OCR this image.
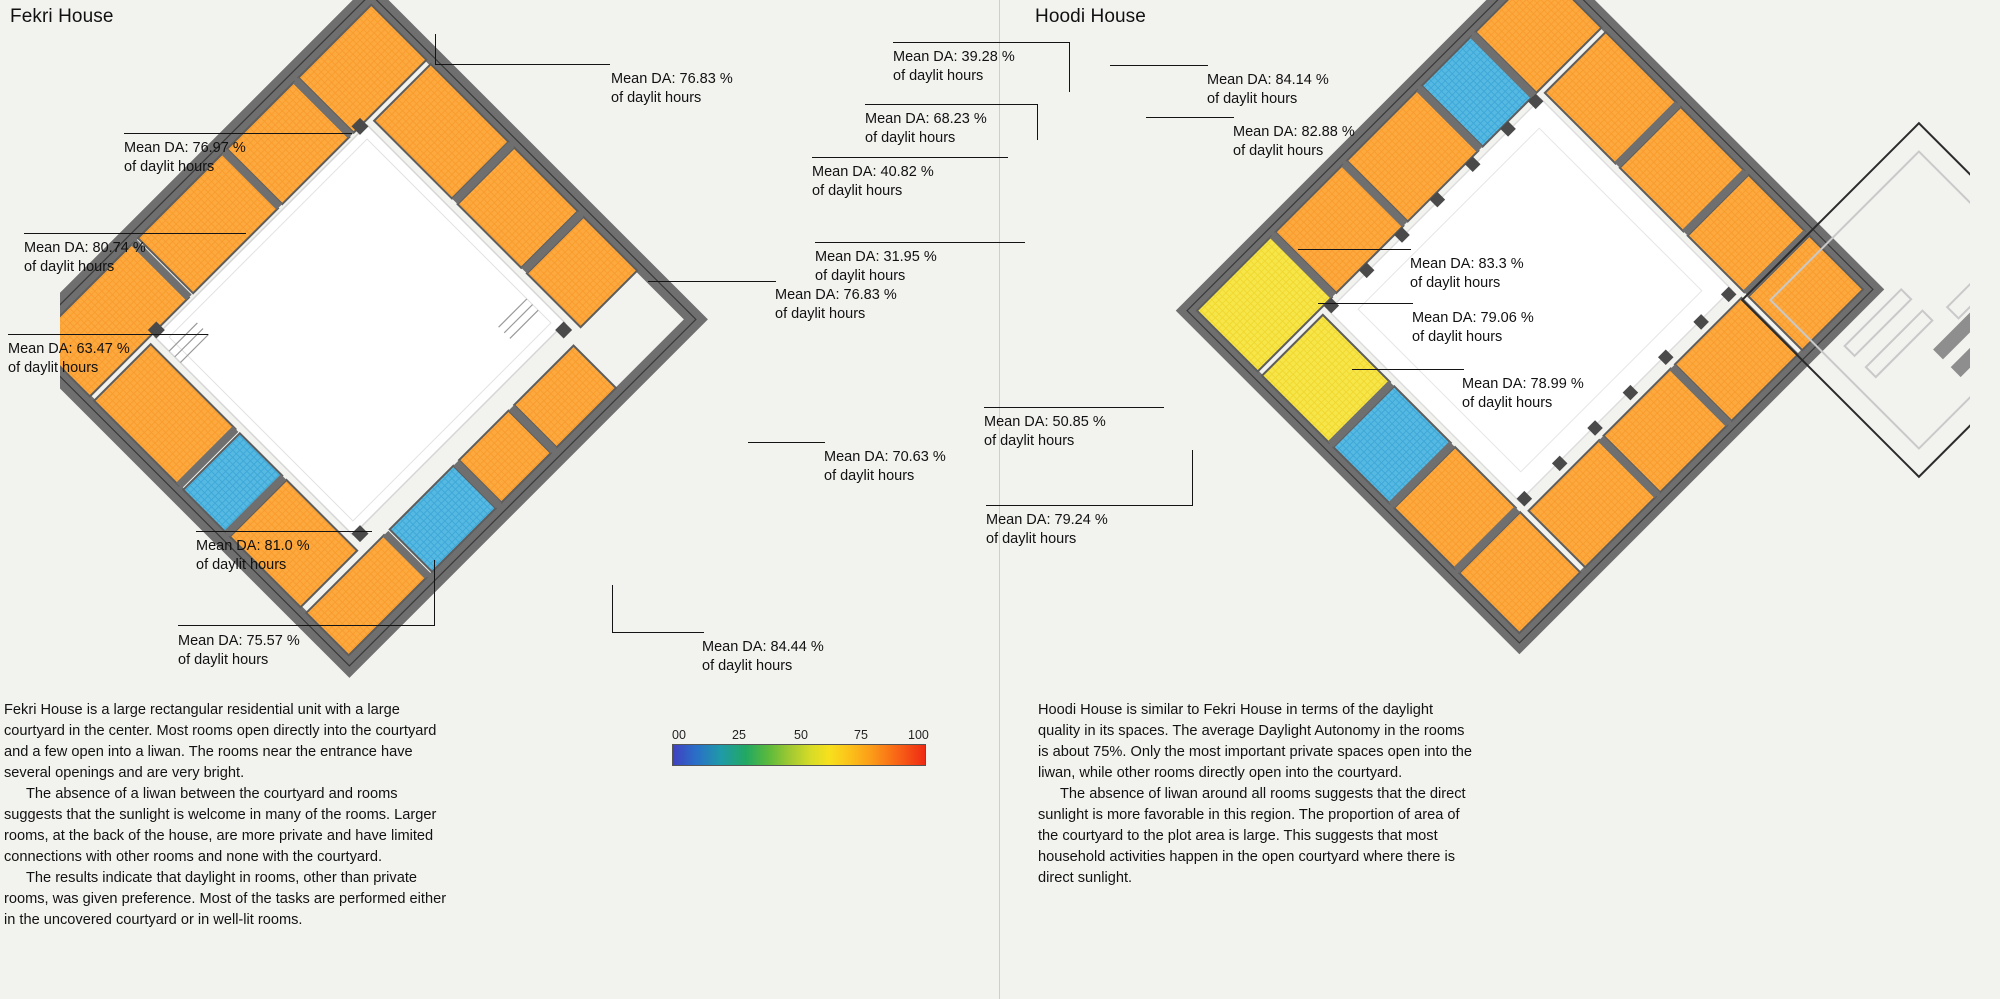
Fekri House
Mean DA: 76.83 %
of daylit hours
Mean DA: 76.97 %
of daylit hours
Mean DA: 80.74 %
of daylit hours
Mean DA: 63.47 %
of daylit hours
Mean DA: 76.83 %
of daylit hours
Mean DA: 70.63 %
of daylit hours
Mean DA: 81.0 %
of daylit hours
Mean DA: 75.57 %
of daylit hours
Mean DA: 84.44 %
of daylit hours

Fekri House is a large rectangular residential unit with a large courtyard in the center. Most rooms open directly into the courtyard and a few open into a liwan. The rooms near the entrance have several openings and are very bright.

The absence of a liwan between the courtyard and rooms suggests that the sunlight is welcome in many of the rooms. Larger rooms, at the back of the house, are more private and have limited connections with other rooms and none with the courtyard.

The results indicate that daylight in rooms, other than private rooms, was given preference. Most of the tasks are performed either in the uncovered courtyard or in well-lit rooms.

Hoodi House
Mean DA: 39.28 %
of daylit hours
Mean DA: 68.23 %
of daylit hours
Mean DA: 40.82 %
of daylit hours
Mean DA: 31.95 %
of daylit hours
Mean DA: 50.85 %
of daylit hours
Mean DA: 79.24 %
of daylit hours
Mean DA: 84.14 %
of daylit hours
Mean DA: 82.88 %
of daylit hours
Mean DA: 83.3 %
of daylit hours
Mean DA: 79.06 %
of daylit hours
Mean DA: 78.99 %
of daylit hours

Hoodi House is similar to Fekri House in terms of the daylight quality in its spaces. The average Daylight Autonomy in the rooms is about 75%. Only the most important private spaces open into the liwan, while other rooms directly open into the courtyard.

The absence of liwan around all rooms suggests that the direct sunlight is more favorable in this region. The proportion of area of the courtyard to the plot area is large. This suggests that most household activities happen in the open courtyard where there is direct sunlight.

00	25	50	75	100
